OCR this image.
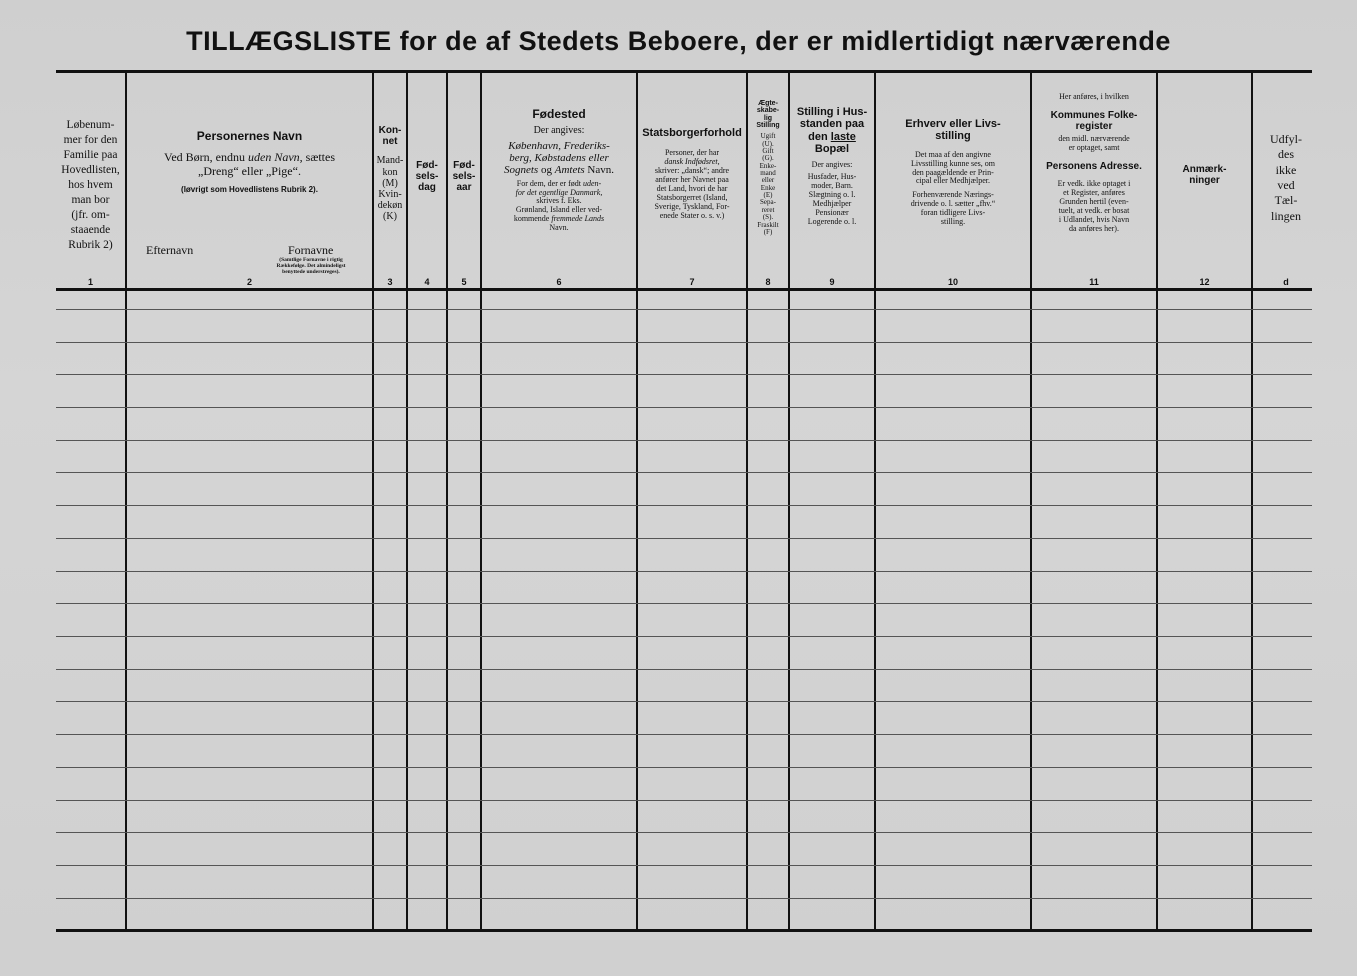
TILLÆGSLISTE for de af Stedets Beboere, der er midlertidigt nærværende
Løbenum-
mer for den
Familie paa
Hovedlisten,
hos hvem
man bor
(jfr. om-
staaende
Rubrik 2)
1
Personernes Navn
Ved Børn, endnu uden Navn, sættes
„Dreng“ eller „Pige“.
(Iøvrigt som Hovedlistens Rubrik 2).
Efternavn	Fornavne
(Samtlige Fornavne i rigtig
Rækkefølge. Det almindeligst
benyttede understreges).
2
Kon-
net
Mand-
kon
(M)
Kvin-
dekøn
(K)
3
Fød-
sels-
dag
4
Fød-
sels-
aar
5
Fødested
Der angives:
København, Frederiks-
berg, Købstadens eller
Sognets og Amtets Navn.
For dem, der er født uden-
for det egentlige Danmark,
skrives f. Eks.
Grønland, Island eller ved-
kommende fremmede Lands
Navn.
6
Statsborgerforhold
Personer, der har
dansk Indfødsret,
skriver: „dansk“; andre
anfører her Navnet paa
det Land, hvori de har
Statsborgerret (Island,
Sverige, Tyskland, For-
enede Stater o. s. v.)
7
Ægte-
skabe-
lig
Stilling
Ugift
(U).
Gift
(G).
Enke-
mand
eller
Enke
(E)
Sepa-
reret
(S).
Fraskilt
(F)
8
Stilling i Hus-
standen paa
den laste
Bopæl
Der angives:
Husfader, Hus-
moder, Barn.
Slægtning o. l.
Medhjælper
Pensionær
Logerende o. l.
9
Erhverv eller Livs-
stilling
Det maa af den angivne
Livsstilling kunne ses, om
den paagældende er Prin-
cipal eller Medhjælper.
Forhenværende Nærings-
drivende o. l. sætter „fhv.“
foran tidligere Livs-
stilling.
10
Her anføres, i hvilken
Kommunes Folke-
register
den midl. nærværende
er optaget, samt
Personens Adresse.
Er vedk. ikke optaget i
et Register, anføres
Grunden hertil (even-
tuelt, at vedk. er bosat
i Udlandet, hvis Navn
da anføres her).
11
Anmærk-
ninger
12
Udfyl-
des
ikke
ved
Tæl-
lingen
d
